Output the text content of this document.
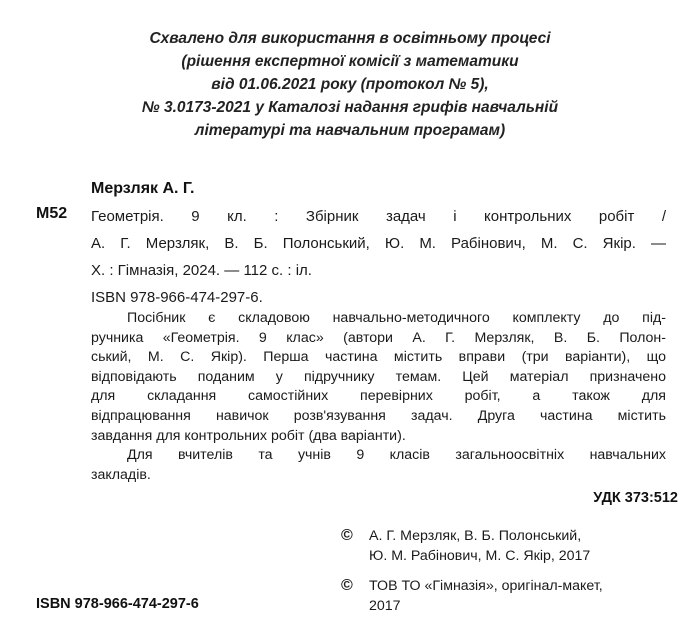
Схвалено для використання в освітньому процесі
(рішення експертної комісії з математики
від 01.06.2021 року (протокол № 5),
№ 3.0173-2021 у Каталозі надання грифів навчальній
літературі та навчальним програмам)
Мерзляк А. Г.
М52 Геометрія. 9 кл. : Збірник задач і контрольних робіт /
А. Г. Мерзляк, В. Б. Полонський, Ю. М. Рабінович, М. С. Якір. —
Х. : Гімназія, 2024. — 112 с. : іл.
ISBN 978-966-474-297-6.
Посібник є складовою навчально-методичного комплекту до під-
ручника «Геометрія. 9 клас» (автори А. Г. Мерзляк, В. Б. Полон-
ський, М. С. Якір). Перша частина містить вправи (три варіанти), що
відповідають поданим у підручнику темам. Цей матеріал призначено
для складання самостійних перевірних робіт, а також для
відпрацювання навичок розв'язування задач. Друга частина містить
завдання для контрольних робіт (два варіанти).
Для вчителів та учнів 9 класів загальноосвітніх навчальних
закладів.
УДК 373:512
© А. Г. Мерзляк, В. Б. Полонський,
Ю. М. Рабінович, М. С. Якір, 2017
© ТОВ ТО «Гімназія», оригінал-макет,
2017
ISBN 978-966-474-297-6
